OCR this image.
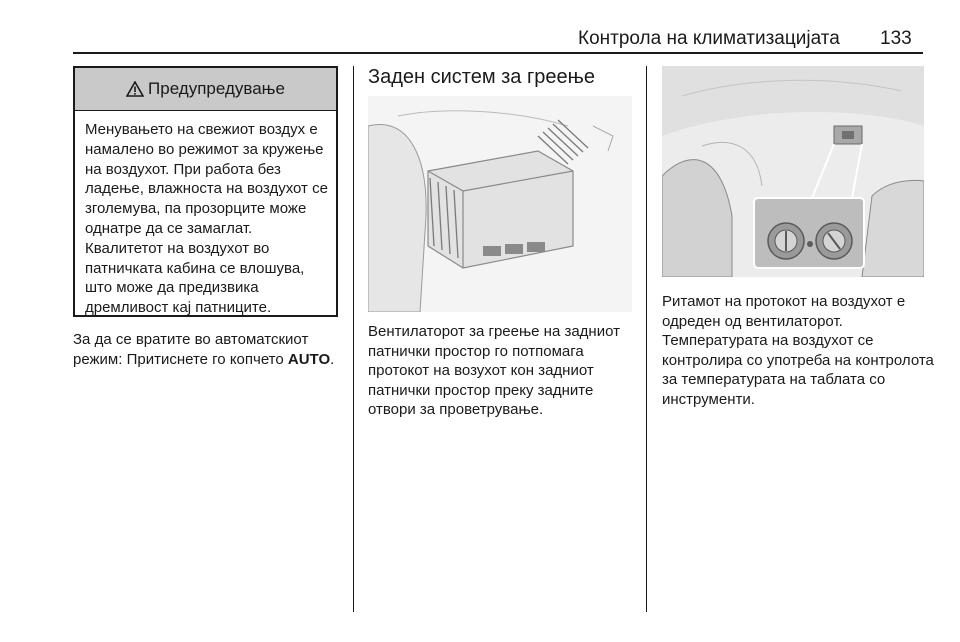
Контрола на климатизацијата 133
Предупредување
Менувањето на свежиот воздух е намалено во режимот за кружење на воздухот. При работа без ладење, влажноста на воздухот се зголемува, па прозорците може однатре да се замаглат. Квалитетот на воздухот во патничката кабина се влошува, што може да предизвика дремливост кај патниците.
За да се вратите во автоматскиот режим: Притиснете го копчето AUTO.
Заден систем за греење
Вентилаторот за греење на задниот патнички простор го потпомага протокот на возухот кон задниот патнички простор преку задните отвори за проветрување.
Ритамот на протокот на воздухот е одреден од вентилаторот. Температурата на воздухот се контролира со употреба на контролота за температурата на таблата со инструменти.
